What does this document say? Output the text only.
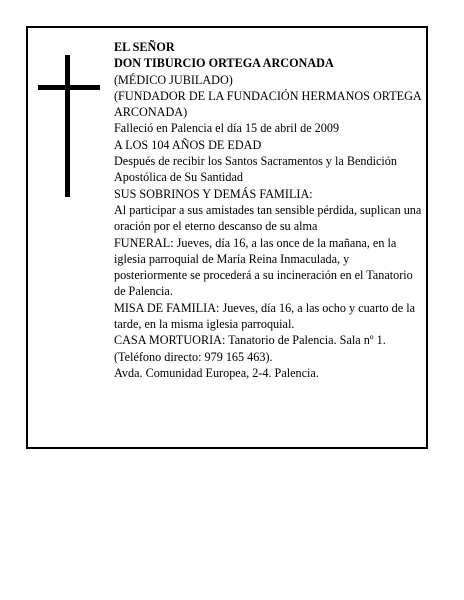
EL SEÑOR

DON TIBURCIO ORTEGA ARCONADA

(MÉDICO JUBILADO)

(FUNDADOR DE LA FUNDACIÓN HERMANOS ORTEGA ARCONADA)

Falleció en Palencia el día 15 de abril de 2009

A LOS 104 AÑOS DE EDAD

Después de recibir los Santos Sacramentos y la Bendición Apostólica de Su Santidad

SUS SOBRINOS Y DEMÁS FAMILIA:

Al participar a sus amistades tan sensible pérdida, suplican una oración por el eterno descanso de su alma

FUNERAL: Jueves, día 16, a las once de la mañana, en la iglesia parroquial de María Reina Inmaculada, y posteriormente se procederá a su incineración en el Tanatorio de Palencia.

MISA DE FAMILIA: Jueves, día 16, a las ocho y cuarto de la tarde, en la misma iglesia parroquial.

CASA MORTUORIA: Tanatorio de Palencia. Sala nº 1. (Teléfono directo: 979 165 463).

Avda. Comunidad Europea, 2-4. Palencia.
